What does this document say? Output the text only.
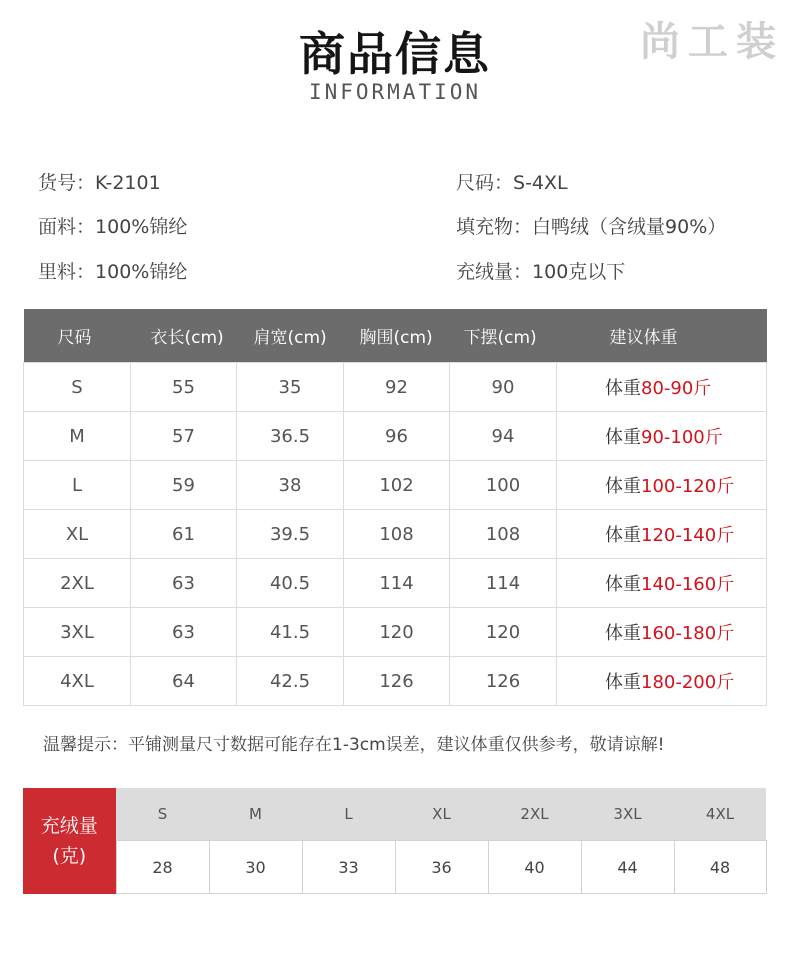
商品信息
INFORMATION
尚工装
货号：K-2101	尺码：S-4XL
面料：100%锦纶	填充物：白鸭绒（含绒量90%）
里料：100%锦纶	充绒量：100克以下
尺码	衣长(cm)	肩宽(cm)	胸围(cm)	下摆(cm)	建议体重
S	55	35	92	90	体重80-90斤
M	57	36.5	96	94	体重90-100斤
L	59	38	102	100	体重100-120斤
XL	61	39.5	108	108	体重120-140斤
2XL	63	40.5	114	114	体重140-160斤
3XL	63	41.5	120	120	体重160-180斤
4XL	64	42.5	126	126	体重180-200斤
温馨提示：平铺测量尺寸数据可能存在1-3cm误差，建议体重仅供参考，敬请谅解!
充绒量
(克)	S	M	L	XL	2XL	3XL	4XL
	28	30	33	36	40	44	48
